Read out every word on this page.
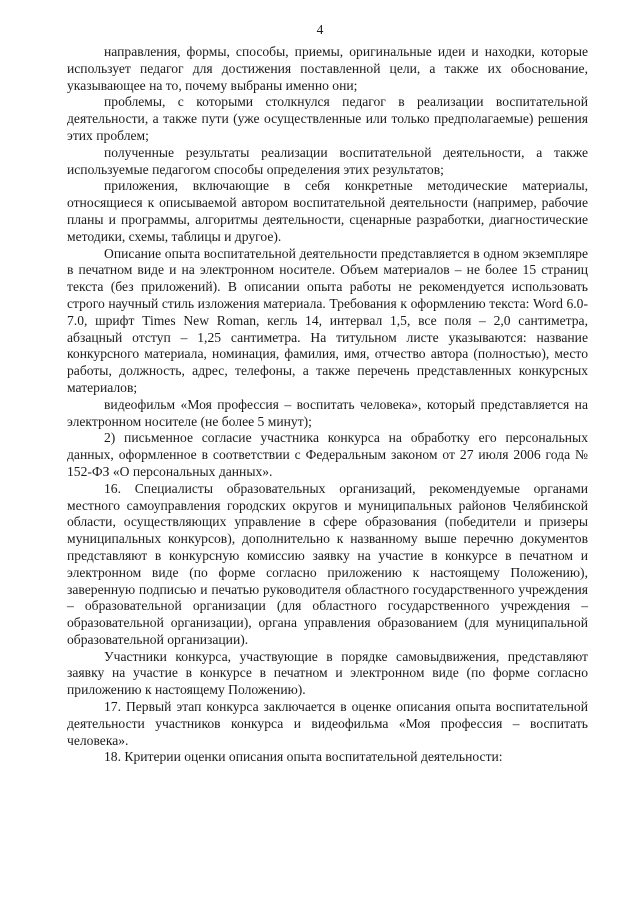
4

направления, формы, способы, приемы, оригинальные идеи и находки, которые использует педагог для достижения поставленной цели, а также их обоснование, указывающее на то, почему выбраны именно они;

проблемы, с которыми столкнулся педагог в реализации воспитательной деятельности, а также пути (уже осуществленные или только предполагаемые) решения этих проблем;

полученные результаты реализации воспитательной деятельности, а также используемые педагогом способы определения этих результатов;

приложения, включающие в себя конкретные методические материалы, относящиеся к описываемой автором воспитательной деятельности (например, рабочие планы и программы, алгоритмы деятельности, сценарные разработки, диагностические методики, схемы, таблицы и другое).

Описание опыта воспитательной деятельности представляется в одном экземпляре в печатном виде и на электронном носителе. Объем материалов – не более 15 страниц текста (без приложений). В описании опыта работы не рекомендуется использовать строго научный стиль изложения материала. Требования к оформлению текста: Word 6.0-7.0, шрифт Times New Roman, кегль 14, интервал 1,5, все поля – 2,0 сантиметра, абзацный отступ – 1,25 сантиметра. На титульном листе указываются: название конкурсного материала, номинация, фамилия, имя, отчество автора (полностью), место работы, должность, адрес, телефоны, а также перечень представленных конкурсных материалов;

видеофильм «Моя профессия – воспитать человека», который представляется на электронном носителе (не более 5 минут);

2) письменное согласие участника конкурса на обработку его персональных данных, оформленное в соответствии с Федеральным законом от 27 июля 2006 года № 152-ФЗ «О персональных данных».

16. Специалисты образовательных организаций, рекомендуемые органами местного самоуправления городских округов и муниципальных районов Челябинской области, осуществляющих управление в сфере образования (победители и призеры муниципальных конкурсов), дополнительно к названному выше перечню документов представляют в конкурсную комиссию заявку на участие в конкурсе в печатном и электронном виде (по форме согласно приложению к настоящему Положению), заверенную подписью и печатью руководителя областного государственного учреждения – образовательной организации (для областного государственного учреждения – образовательной организации), органа управления образованием (для муниципальной образовательной организации).

Участники конкурса, участвующие в порядке самовыдвижения, представляют заявку на участие в конкурсе в печатном и электронном виде (по форме согласно приложению к настоящему Положению).

17. Первый этап конкурса заключается в оценке описания опыта воспитательной деятельности участников конкурса и видеофильма «Моя профессия – воспитать человека».

18. Критерии оценки описания опыта воспитательной деятельности:
